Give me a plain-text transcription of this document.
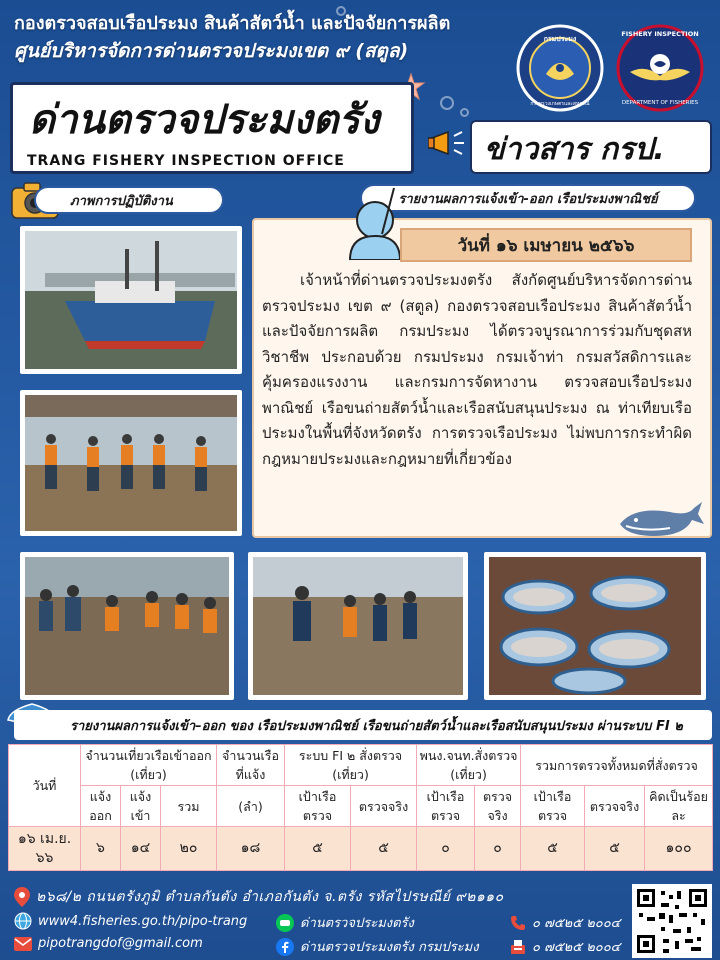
กองตรวจสอบเรือประมง สินค้าสัตว์น้ำ และปัจจัยการผลิต
ศูนย์บริหารจัดการด่านตรวจประมงเขต ๙ (สตูล)
กรมประมง
กระทรวงเกษตรและสหกรณ์
FISHERY INSPECTION
DEPARTMENT OF FISHERIES
ด่านตรวจประมงตรัง
TRANG FISHERY INSPECTION OFFICE	ข่าวสาร กรป.
ภาพการปฏิบัติงาน	รายงานผลการแจ้งเข้า-ออก เรือประมงพาณิชย์
วันที่ ๑๖ เมษายน ๒๕๖๖
เจ้าหน้าที่ด่านตรวจประมงตรัง สังกัดศูนย์บริหารจัดการด่านตรวจประมง เขต ๙ (สตูล) กองตรวจสอบเรือประมง สินค้าสัตว์น้ำ และปัจจัยการผลิต กรมประมง ได้ตรวจบูรณาการร่วมกับชุดสหวิชาชีพ ประกอบด้วย กรมประมง กรมเจ้าท่า กรมสวัสดิการและคุ้มครองแรงงาน และกรมการจัดหางาน ตรวจสอบเรือประมงพาณิชย์ เรือขนถ่ายสัตว์น้ำและเรือสนับสนุนประมง ณ ท่าเทียบเรือประมงในพื้นที่จังหวัดตรัง การตรวจเรือประมง ไม่พบการกระทำผิดกฎหมายประมงและกฎหมายที่เกี่ยวข้อง
รายงานผลการแจ้งเข้า–ออก ของ เรือประมงพาณิชย์ เรือขนถ่ายสัตว์น้ำและเรือสนับสนุนประมง ผ่านระบบ FI ๒
วันที่	จำนวนเที่ยวเรือเข้าออก (เที่ยว)			จำนวนเรือที่แจ้ง	ระบบ FI ๒ สั่งตรวจ (เที่ยว)		พนง.จนท.สั่งตรวจ (เที่ยว)		รวมการตรวจทั้งหมดที่สั่งตรวจ		
	แจ้งออก	แจ้งเข้า	รวม	(ลำ)	เป้าเรือตรวจ	ตรวจจริง	เป้าเรือตรวจ	ตรวจจริง	เป้าเรือตรวจ	ตรวจจริง	คิดเป็นร้อยละ
๑๖ เม.ย. ๖๖	๖	๑๔	๒๐	๑๘	๕	๕	๐	๐	๕	๕	๑๐๐
๒๖๘/๒ ถนนตรังภูมิ ตำบลกันตัง อำเภอกันตัง จ.ตรัง รหัสไปรษณีย์ ๙๒๑๑๐
www4.fisheries.go.th/pipo-trang
pipotrangdof@gmail.com
ด่านตรวจประมงตรัง
ด่านตรวจประมงตรัง กรมประมง
๐ ๗๕๒๕ ๒๐๐๔
๐ ๗๕๒๕ ๒๐๐๔
